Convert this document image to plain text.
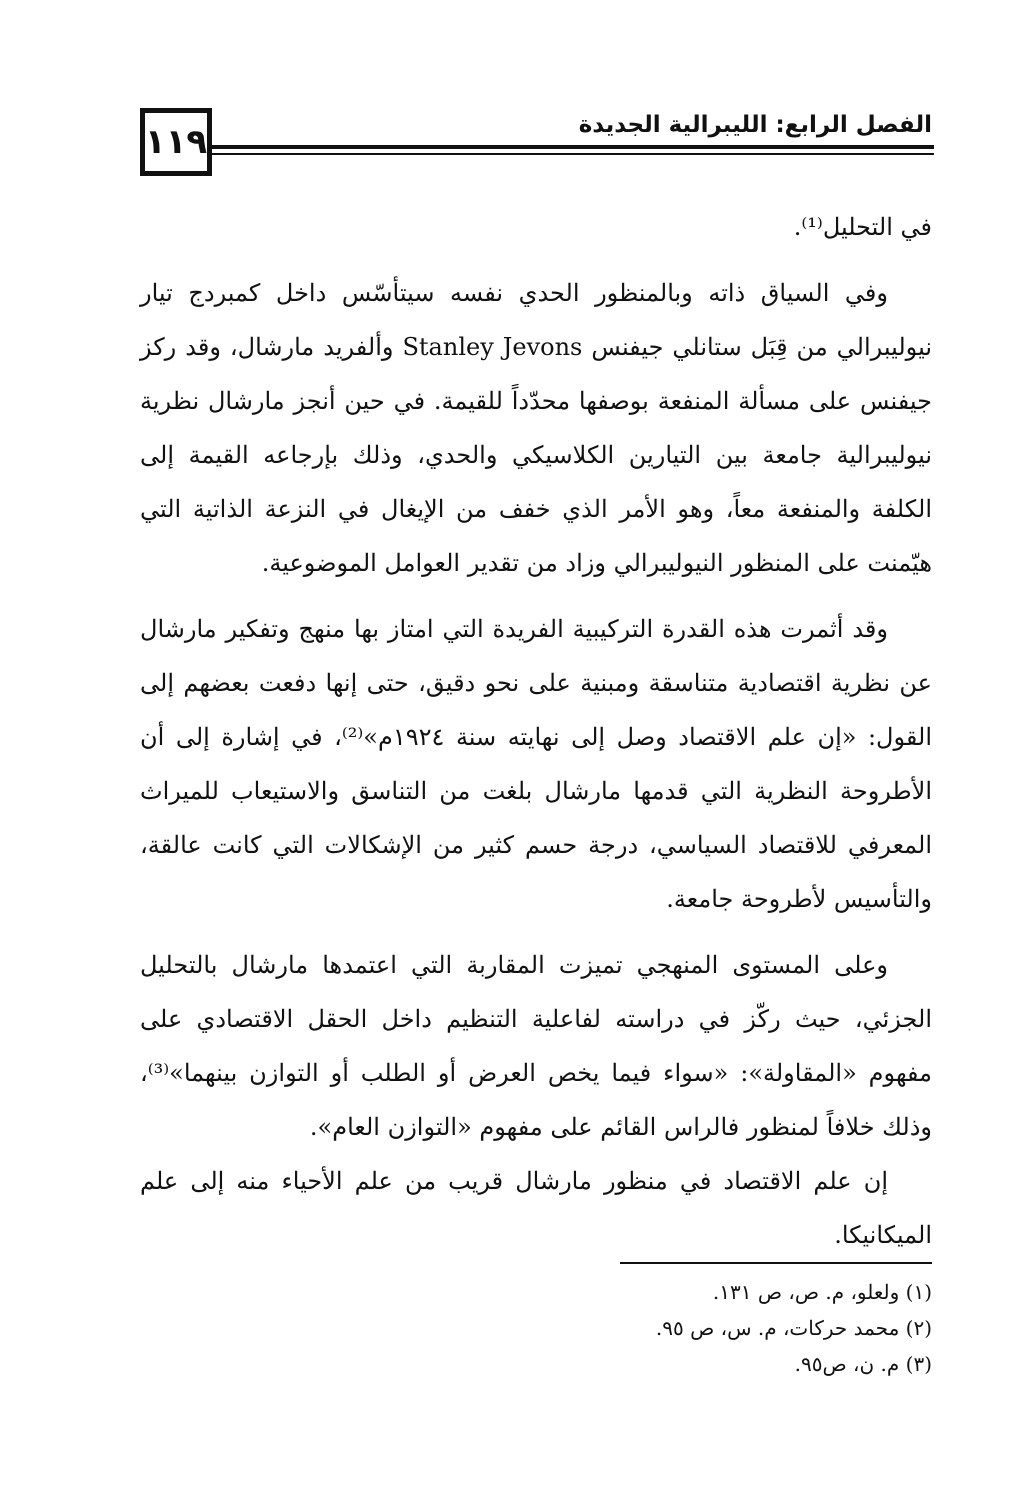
١١٩	الفصل الرابع: الليبرالية الجديدة

في التحليل⁽¹⁾.

وفي السياق ذاته وبالمنظور الحدي نفسه سيتأسّس داخل كمبردج تيار نيوليبرالي من قِبَل ستانلي جيفنس Stanley Jevons وألفريد مارشال، وقد ركز جيفنس على مسألة المنفعة بوصفها محدّداً للقيمة. في حين أنجز مارشال نظرية نيوليبرالية جامعة بين التيارين الكلاسيكي والحدي، وذلك بإرجاعه القيمة إلى الكلفة والمنفعة معاً، وهو الأمر الذي خفف من الإيغال في النزعة الذاتية التي هيّمنت على المنظور النيوليبرالي وزاد من تقدير العوامل الموضوعية.

وقد أثمرت هذه القدرة التركيبية الفريدة التي امتاز بها منهج وتفكير مارشال عن نظرية اقتصادية متناسقة ومبنية على نحو دقيق، حتى إنها دفعت بعضهم إلى القول: «إن علم الاقتصاد وصل إلى نهايته سنة ١٩٢٤م»⁽²⁾، في إشارة إلى أن الأطروحة النظرية التي قدمها مارشال بلغت من التناسق والاستيعاب للميراث المعرفي للاقتصاد السياسي، درجة حسم كثير من الإشكالات التي كانت عالقة، والتأسيس لأطروحة جامعة.

وعلى المستوى المنهجي تميزت المقاربة التي اعتمدها مارشال بالتحليل الجزئي، حيث ركّز في دراسته لفاعلية التنظيم داخل الحقل الاقتصادي على مفهوم «المقاولة»: «سواء فيما يخص العرض أو الطلب أو التوازن بينهما»⁽³⁾، وذلك خلافاً لمنظور فالراس القائم على مفهوم «التوازن العام».

إن علم الاقتصاد في منظور مارشال قريب من علم الأحياء منه إلى علم الميكانيكا.

(١) ولعلو، م. ص، ص ١٣١.
(٢) محمد حركات، م. س، ص ٩٥.
(٣) م. ن، ص٩٥.
